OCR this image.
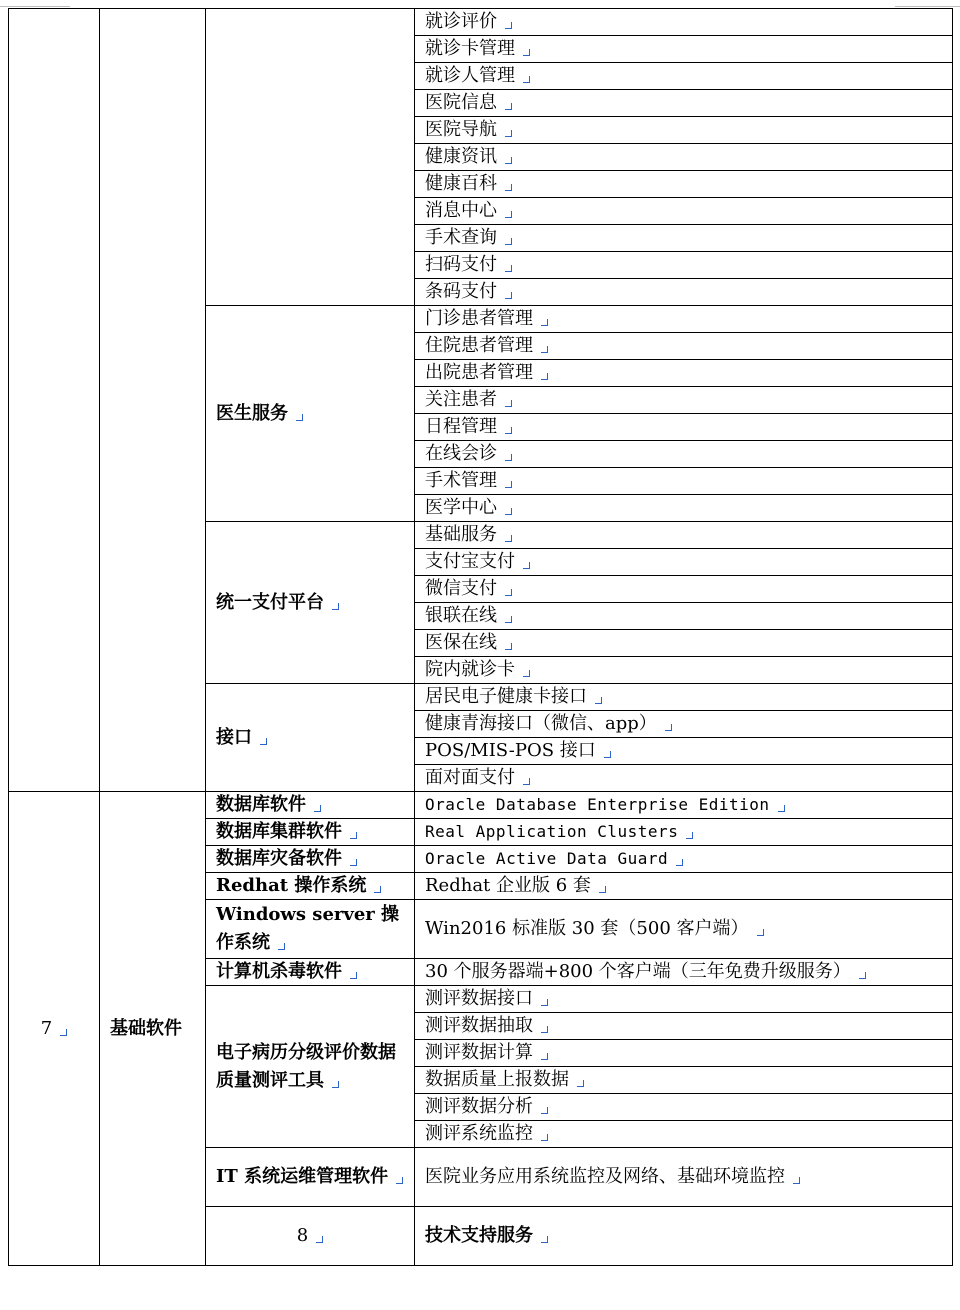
			就诊评价	
			就诊卡管理	
			就诊人管理	
			医院信息	
			医院导航	
			健康资讯	
			健康百科	
			消息中心	
			手术查询	
			扫码支付	
			条码支付	
		医生服务	门诊患者管理	
			住院患者管理	
			出院患者管理	
			关注患者	
			日程管理	
			在线会诊	
			手术管理	
			医学中心	
		统一支付平台	基础服务	
			支付宝支付	
			微信支付	
			银联在线	
			医保在线	
			院内就诊卡	
		接口	居民电子健康卡接口	
			健康青海接口（微信、app）	
			POS/MIS-POS 接口	
			面对面支付	
7	基础软件	数据库软件	Oracle Database Enterprise Edition	
		数据库集群软件	Real Application Clusters	
		数据库灾备软件	Oracle Active Data Guard	
		Redhat 操作系统	Redhat 企业版 6 套	
		Windows server 操作系统	Win2016 标准版 30 套（500 客户端）	
		计算机杀毒软件	30 个服务器端+800 个客户端（三年免费升级服务）	
		电子病历分级评价数据质量测评工具	测评数据接口	
			测评数据抽取	
			测评数据计算	
			数据质量上报数据	
			测评数据分析	
			测评系统监控	
		IT 系统运维管理软件	医院业务应用系统监控及网络、基础环境监控	
		8	技术支持服务		
